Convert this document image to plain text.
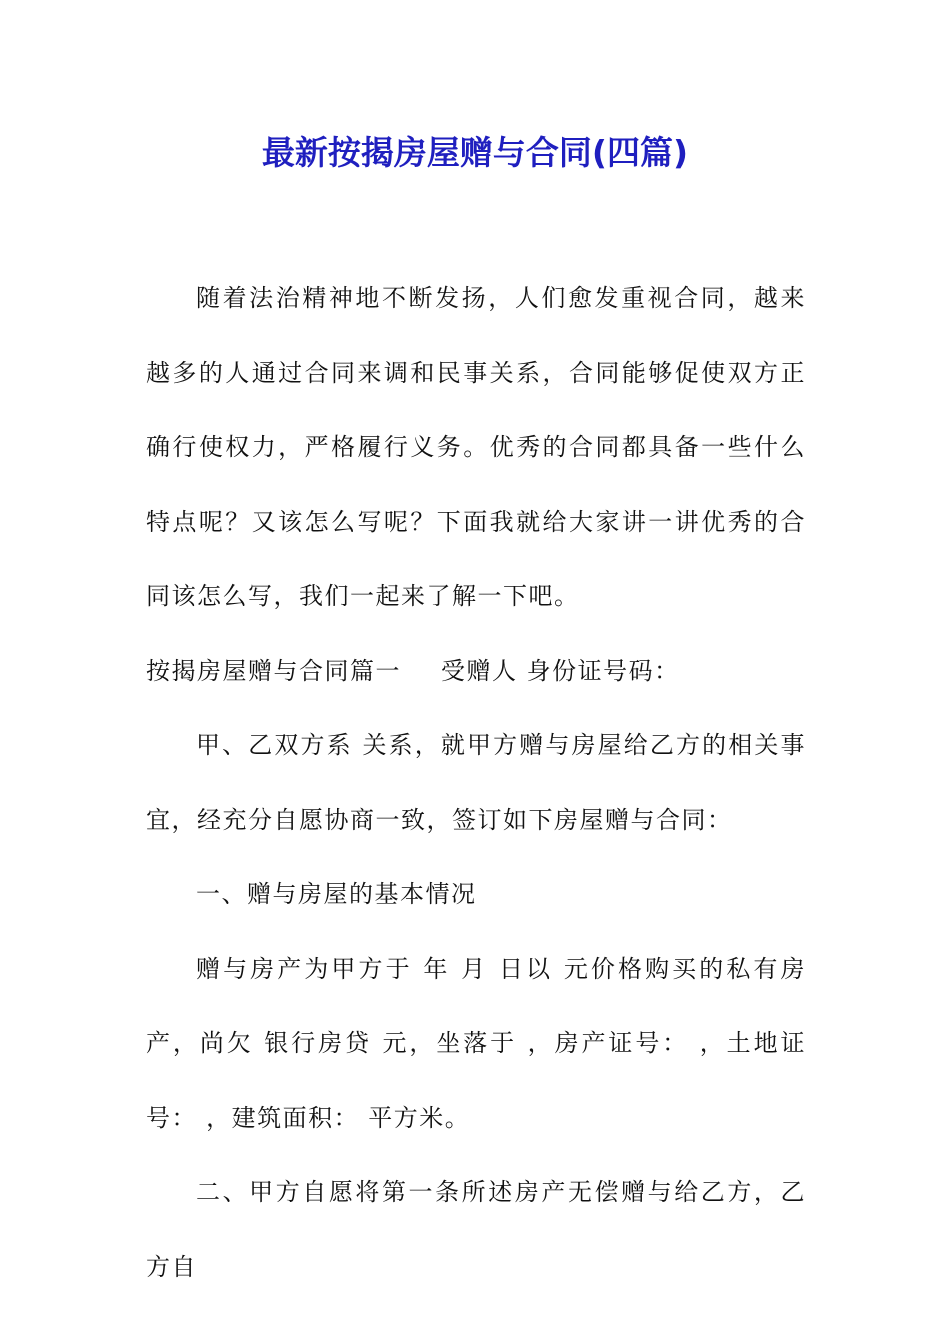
最新按揭房屋赠与合同(四篇)

随着法治精神地不断发扬，人们愈发重视合同，越来越多的人通过合同来调和民事关系，合同能够促使双方正确行使权力，严格履行义务。优秀的合同都具备一些什么特点呢？又该怎么写呢？下面我就给大家讲一讲优秀的合同该怎么写，我们一起来了解一下吧。

按揭房屋赠与合同篇一 受赠人 身份证号码：

甲、乙双方系 关系，就甲方赠与房屋给乙方的相关事宜，经充分自愿协商一致，签订如下房屋赠与合同：

一、赠与房屋的基本情况

赠与房产为甲方于 年 月 日以 元价格购买的私有房产，尚欠 银行房贷 元，坐落于 ，房产证号： ，土地证号： ，建筑面积： 平方米。

二、甲方自愿将第一条所述房产无偿赠与给乙方，乙方自
